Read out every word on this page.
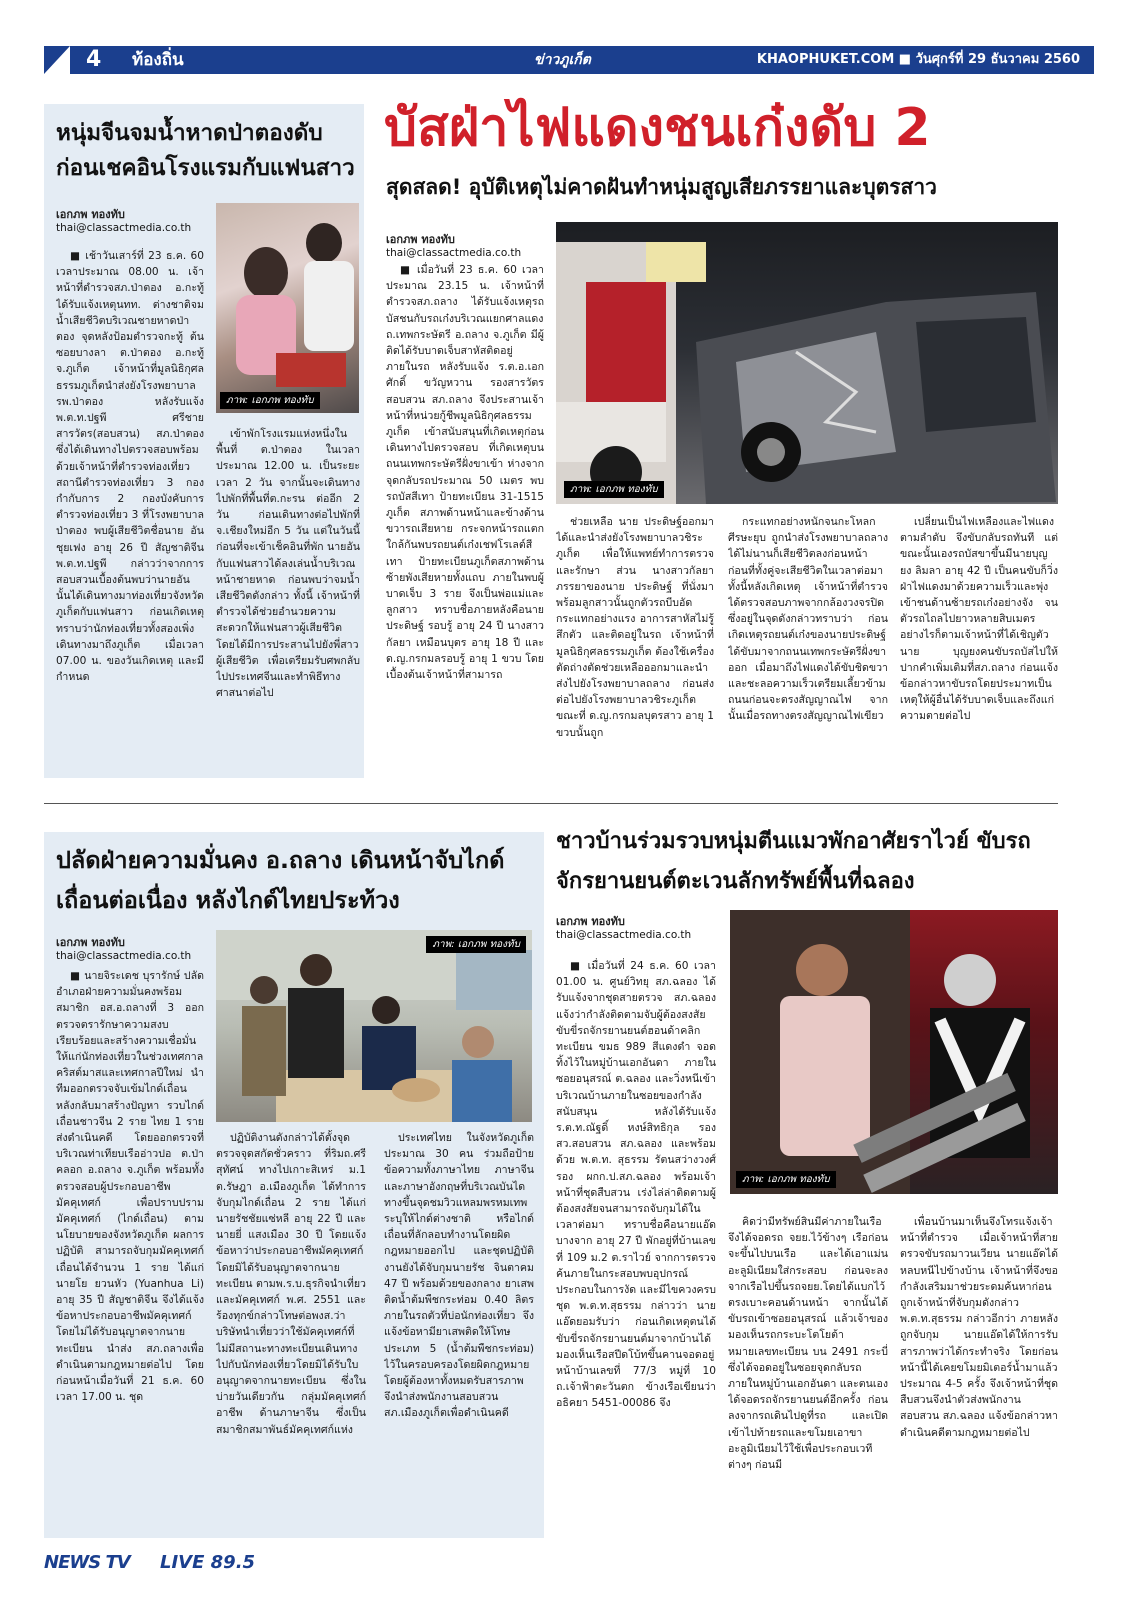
4 ท้องถิ่น	ข่าวภูเก็ต	KHAOPHUKET.COM ■ วันศุกร์ที่ 29 ธันวาคม 2560
หนุ่มจีนจมน้ำหาดป่าตองดับ ก่อนเชคอินโรงแรมกับแฟนสาว
เอกภพ ทองทับ
thai@classactmedia.co.th
ภาพ: เอกภพ ทองทับ

■ เช้าวันเสาร์ที่ 23 ธ.ค. 60 เวลาประมาณ 08.00 น. เจ้าหน้าที่ตำรวจสภ.ป่าตอง อ.กะทู้ ได้รับแจ้งเหตุนทท. ต่างชาติจมน้ำเสียชีวิตบริเวณชายหาดป่าตอง จุดหลังป้อมตำรวจกะทู้ ต้นซอยบางลา ต.ป่าตอง อ.กะทู้ จ.ภูเก็ต เจ้าหน้าที่มูลนิธิกุศลธรรมภูเก็ตนำส่งยังโรงพยาบาลรพ.ป่าตอง หลังรับแจ้ง พ.ต.ท.ปฐพี ศรีชาย สารวัตร(สอบสวน) สภ.ป่าตอง ซึ่งได้เดินทางไปตรวจสอบพร้อมด้วยเจ้าหน้าที่ตำรวจท่องเที่ยว สถานีตำรวจท่องเที่ยว 3 กองกำกับการ 2 กองบังคับการตำรวจท่องเที่ยว 3 ที่โรงพยาบาลป่าตอง พบผู้เสียชีวิตชื่อนาย อัน ชุยเฟง อายุ 26 ปี สัญชาติจีน พ.ต.ท.ปฐพี กล่าวว่าจากการสอบสวนเบื้องต้นพบว่านายอันนั้นได้เดินทางมาท่องเที่ยวจังหวัดภูเก็ตกับแฟนสาว ก่อนเกิดเหตุทราบว่านักท่องเที่ยวทั้งสองเพิ่งเดินทางมาถึงภูเก็ต เมื่อเวลา 07.00 น. ของวันเกิดเหตุ และมีกำหนด

เข้าพักโรงแรมแห่งหนึ่งในพื้นที่ ต.ป่าตอง ในเวลาประมาณ 12.00 น. เป็นระยะเวลา 2 วัน จากนั้นจะเดินทางไปพักที่พื้นที่ต.กะรน ต่ออีก 2 วัน ก่อนเดินทางต่อไปพักที่จ.เชียงใหม่อีก 5 วัน แต่ในวันนี้ ก่อนที่จะเข้าเช็คอินที่พัก นายอันกับแฟนสาวได้ลงเล่นน้ำบริเวณหน้าชายหาด ก่อนพบว่าจมน้ำเสียชีวิตดังกล่าว ทั้งนี้ เจ้าหน้าที่ตำรวจได้ช่วยอำนวยความสะดวกให้แฟนสาวผู้เสียชีวิต โดยได้มีการประสานไปยังพี่สาวผู้เสียชีวิต เพื่อเตรียมรับศพกลับไปประเทศจีนและทำพิธีทางศาสนาต่อไป

บัสฝ่าไฟแดงชนเก๋งดับ 2
สุดสลด! อุบัติเหตุไม่คาดฝันทำหนุ่มสูญเสียภรรยาและบุตรสาว
เอกภพ ทองทับ
thai@classactmedia.co.th
ภาพ: เอกภพ ทองทับ

■ เมื่อวันที่ 23 ธ.ค. 60 เวลาประมาณ 23.15 น. เจ้าหน้าที่ตำรวจสภ.ถลาง ได้รับแจ้งเหตุรถบัสชนกับรถเก๋งบริเวณแยกศาลแดง ถ.เทพกระษัตรี อ.ถลาง จ.ภูเก็ต มีผู้ติดได้รับบาดเจ็บสาหัสติดอยู่ภายในรถ หลังรับแจ้ง ร.ต.อ.เอกศักดิ์ ขวัญหวาน รองสารวัตรสอบสวน สภ.ถลาง จึงประสานเจ้าหน้าที่หน่วยกู้ชีพมูลนิธิกุศลธรรมภูเก็ต เข้าสนับสนุนที่เกิดเหตุก่อนเดินทางไปตรวจสอบ ที่เกิดเหตุบนถนนเทพกระษัตรีฝั่งขาเข้า ห่างจากจุดกลับรถประมาณ 50 เมตร พบรถบัสสีเทา ป้ายทะเบียน 31-1515 ภูเก็ต สภาพด้านหน้าและข้างด้านขวารถเสียหาย กระจกหน้ารถแตก ใกล้กันพบรถยนต์เก๋งเชฟโรเลต์สีเทา ป้ายทะเบียนภูเก็ตสภาพด้านซ้ายพังเสียหายทั้งแถบ ภายในพบผู้บาดเจ็บ 3 ราย จึงเป็นพ่อแม่และลูกสาว ทราบชื่อภายหลังคือนายประดิษฐ์ รอบรู้ อายุ 24 ปี นางสาวกัลยา เหมือนบุตร อายุ 18 ปี และ ด.ญ.กรกมลรอบรู้ อายุ 1 ขวบ โดยเบื้องต้นเจ้าหน้าที่สามารถ

ช่วยเหลือ นาย ประดิษฐ์ออกมาได้และนำส่งยังโรงพยาบาลวชิระภูเก็ต เพื่อให้แพทย์ทำการตรวจและรักษา ส่วน นางสาวกัลยาภรรยาของนาย ประดิษฐ์ ที่นั่งมาพร้อมลูกสาวนั้นถูกตัวรถบีบอัดกระแทกอย่างแรง อาการสาหัสไม่รู้สึกตัว และติดอยู่ในรถ เจ้าหน้าที่มูลนิธิกุศลธรรมภูเก็ต ต้องใช้เครื่องตัดถ่างตัดช่วยเหลือออกมาและนำส่งไปยังโรงพยาบาลถลาง ก่อนส่งต่อไปยังโรงพยาบาลวชิระภูเก็ต ขณะที่ ด.ญ.กรกมลบุตรสาว อายุ 1 ขวบนั้นถูก

กระแทกอย่างหนักจนกะโหลกศีรษะยุบ ถูกนำส่งโรงพยาบาลถลางได้ไม่นานก็เสียชีวิตลงก่อนหน้า ก่อนที่ทั้งคู่จะเสียชีวิตในเวลาต่อมา ทั้งนี้หลังเกิดเหตุ เจ้าหน้าที่ตำรวจได้ตรวจสอบภาพจากกล้องวงจรปิดซึ่งอยู่ในจุดดังกล่าวทราบว่า ก่อนเกิดเหตุรถยนต์เก๋งของนายประดิษฐ์ ได้ขับมาจากถนนเทพกระษัตรีฝั่งขาออก เมื่อมาถึงไฟแดงได้ขับชิดขวาและชะลอความเร็วเตรียมเลี้ยวข้ามถนนก่อนจะตรงสัญญาณไฟ จากนั้นเมื่อรถทางตรงสัญญาณไฟเขียว

เปลี่ยนเป็นไฟเหลืองและไฟแดงตามลำดับ จึงขับกลับรถทันที แต่ขณะนั้นเองรถบัสขาขึ้นมีนายบุญยง ลิมลา อายุ 42 ปี เป็นคนขับก็วิ่งฝ่าไฟแดงมาด้วยความเร็วและพุ่งเข้าชนด้านซ้ายรถเก๋งอย่างจัง จนตัวรถไถลไปยาวหลายสิบเมตร อย่างไรก็ตามเจ้าหน้าที่ได้เชิญตัว นาย บุญยงคนขับรถบัสไปให้ปากคำเพิ่มเติมที่สภ.ถลาง ก่อนแจ้งข้อกล่าวหาขับรถโดยประมาทเป็นเหตุให้ผู้อื่นได้รับบาดเจ็บและถึงแก่ความตายต่อไป

ปลัดฝ่ายความมั่นคง อ.ถลาง เดินหน้าจับไกด์เถื่อนต่อเนื่อง หลังไกด์ไทยประท้วง
เอกภพ ทองทับ
thai@classactmedia.co.th
ภาพ: เอกภพ ทองทับ

■ นายจิระเดช บุรารักษ์ ปลัดอำเภอฝ่ายความมั่นคงพร้อมสมาชิก อส.อ.ถลางที่ 3 ออกตรวจตรารักษาความสงบเรียบร้อยและสร้างความเชื่อมั่นให้แก่นักท่องเที่ยวในช่วงเทศกาลคริสต์มาสและเทศกาลปีใหม่ นำทีมออกตรวจจับเข้มไกด์เถื่อนหลังกลับมาสร้างปัญหา รวบไกด์เถื่อนชาวจีน 2 ราย ไทย 1 ราย ส่งดำเนินคดี โดยออกตรวจที่บริเวณท่าเทียบเรืออ่าวปอ ต.ป่าคลอก อ.ถลาง จ.ภูเก็ต พร้อมทั้งตรวจสอบผู้ประกอบอาชีพมัคคุเทศก์ เพื่อปราบปรามมัคคุเทศก์ (ไกด์เถื่อน) ตามนโยบายของจังหวัดภูเก็ต ผลการปฏิบัติ สามารถจับกุมมัคคุเทศก์เถื่อนได้จำนวน 1 ราย ได้แก่ นายโย ยวนหัว (Yuanhua Li) อายุ 35 ปี สัญชาติจีน จึงได้แจ้งข้อหาประกอบอาชีพมัคคุเทศก์โดยไม่ได้รับอนุญาตจากนายทะเบียน นำส่ง สภ.ถลางเพื่อดำเนินตามกฎหมายต่อไป โดยก่อนหน้าเมื่อวันที่ 21 ธ.ค. 60 เวลา 17.00 น. ชุด

ปฏิบัติงานดังกล่าวได้ตั้งจุดตรวจจุดสกัดชั่วคราว ที่ริมถ.ศรีสุทัศน์ ทางไปเกาะสิเหร่ ม.1 ต.รัษฎา อ.เมืองภูเก็ต ได้ทำการจับกุมไกด์เถื่อน 2 ราย ได้แก่ นายรัชชัยแซ่หลี อายุ 22 ปี และนายยี่ แสงเมือง 30 ปี โดยแจ้งข้อหาว่าประกอบอาชีพมัคคุเทศก์โดยมิได้รับอนุญาตจากนายทะเบียน ตามพ.ร.บ.ธุรกิจนำเที่ยวและมัคคุเทศก์ พ.ศ. 2551 และร้องทุกข์กล่าวโทษต่อพงส.ว่าบริษัทนำเที่ยวว่าใช้มัคคุเทศก์ที่ไม่มีสถานะทางทะเบียนเดินทางไปกับนักท่องเที่ยวโดยมิได้รับใบอนุญาตจากนายทะเบียน ซึ่งในบ่ายวันเดียวกัน กลุ่มมัคคุเทศก์อาชีพ ด้านภาษาจีน ซึ่งเป็นสมาชิกสมาพันธ์มัคคุเทศก์แห่ง

ประเทศไทย ในจังหวัดภูเก็ต ประมาณ 30 คน ร่วมถือป้ายข้อความทั้งภาษาไทย ภาษาจีน และภาษาอังกฤษที่บริเวณบันไดทางขึ้นจุดชมวิวแหลมพรหมเทพ ระบุให้ไกด์ต่างชาติ หรือไกด์เถื่อนที่ลักลอบทำงานโดยผิดกฎหมายออกไป และชุดปฏิบัติงานยังได้จับกุมนายรัช จินตาคม 47 ปี พร้อมด้วยของกลาง ยาเสพติดน้ำต้มพืชกระท่อม 0.40 ลิตร ภายในรถตัวที่บ่อนักท่องเที่ยว จึงแจ้งข้อหามียาเสพติดให้โทษประเภท 5 (น้ำต้มพืชกระท่อม) ไว้ในครอบครองโดยผิดกฎหมาย โดยผู้ต้องหาทั้งหมดรับสารภาพ จึงนำส่งพนักงานสอบสวน สภ.เมืองภูเก็ตเพื่อดำเนินคดี

ชาวบ้านร่วมรวบหนุ่มตีนแมวพักอาศัยราไวย์ ขับรถจักรยานยนต์ตะเวนลักทรัพย์พื้นที่ฉลอง
เอกภพ ทองทับ
thai@classactmedia.co.th
ภาพ: เอกภพ ทองทับ

■ เมื่อวันที่ 24 ธ.ค. 60 เวลา 01.00 น. ศูนย์วิทยุ สภ.ฉลอง ได้รับแจ้งจากชุดสายตรวจ สภ.ฉลอง แจ้งว่ากำลังติดตามจับผู้ต้องสงสัยขับขี่รถจักรยานยนต์ฮอนด้าคลิกทะเบียน ขมธ 989 สีแดงดำ จอดทิ้งไว้ในหมู่บ้านเอกอันดา ภายในซอยอนุสรณ์ ต.ฉลอง และวิ่งหนีเข้าบริเวณบ้านภายในซอยของกำลังสนับสนุน หลังได้รับแจ้ง ร.ต.ท.ณัฐดิ์ หงษ์สิทธิกุล รอง สว.สอบสวน สภ.ฉลอง และพร้อมด้วย พ.ต.ท. สุธรรม รัตนสว่างวงศ์ รอง ผกก.ป.สภ.ฉลอง พร้อมเจ้าหน้าที่ชุดสืบสวน เร่งไล่ล่าติดตามผู้ต้องสงสัยจนสามารถจับกุมได้ในเวลาต่อมา ทราบชื่อคือนายแอ๊ด บางจาก อายุ 27 ปี พักอยู่ที่บ้านเลขที่ 109 ม.2 ต.ราไวย์ จากการตรวจค้นภายในกระสอบพบอุปกรณ์ประกอบในการงัด และมีไขควงครบชุด พ.ต.ท.สุธรรม กล่าวว่า นายแอ๊ดยอมรับว่า ก่อนเกิดเหตุตนได้ขับขี่รถจักรยานยนต์มาจากบ้านได้มองเห็นเรือสปีดโบ้ทขึ้นคานจอดอยู่หน้าบ้านเลขที่ 77/3 หมู่ที่ 10 ถ.เจ้าฟ้าตะวันตก ข้างเรือเขียนว่าอธิคยา 5451-00086 จึง

คิดว่ามีทรัพย์สินมีค่าภายในเรือจึงได้จอดรถ จยย.ไว้ข้างๆ เรือก่อนจะขึ้นไปบนเรือ และได้เอาแม่นอะลูมิเนียมใส่กระสอบ ก่อนจะลงจากเรือไปขึ้นรถจยย.โดยได้แบกไว้ตรงเบาะคอนด้านหน้า จากนั้นได้ขับรถเข้าซอยอนุสรณ์ แล้วเจ้าของมองเห็นรถกระบะโตโยต้า หมายเลขทะเบียน บน 2491 กระบี่ ซึ่งได้จอดอยู่ในซอยจุดกลับรถภายในหมู่บ้านเอกอันดา และตนเองได้จอดรถจักรยานยนต์อีกครั้ง ก่อนลงจากรถเดินไปดูที่รถ และเปิดเข้าไปท้ายรถและขโมยเอาขาอะลูมิเนียมไว้ใช้เพื่อประกอบเวทีต่างๆ ก่อนมี

เพื่อนบ้านมาเห็นจึงโทรแจ้งเจ้าหน้าที่ตำรวจ เมื่อเจ้าหน้าที่สายตรวจขับรถมาวนเวียน นายแอ๊ดได้หลบหนีไปข้างบ้าน เจ้าหน้าที่จึงขอกำลังเสริมมาช่วยระดมค้นหาก่อนถูกเจ้าหน้าที่จับกุมดังกล่าว พ.ต.ท.สุธรรม กล่าวอีกว่า ภายหลังถูกจับกุม นายแอ๊ดได้ให้การรับสารภาพว่าได้กระทำจริง โดยก่อนหน้านี้ได้เคยขโมยมิเตอร์น้ำมาแล้วประมาณ 4-5 ครั้ง จึงเจ้าหน้าที่ชุดสืบสวนจึงนำตัวส่งพนักงานสอบสวน สภ.ฉลอง แจ้งข้อกล่าวหาดำเนินคดีตามกฎหมายต่อไป

NEWS TV LIVE 89.5
